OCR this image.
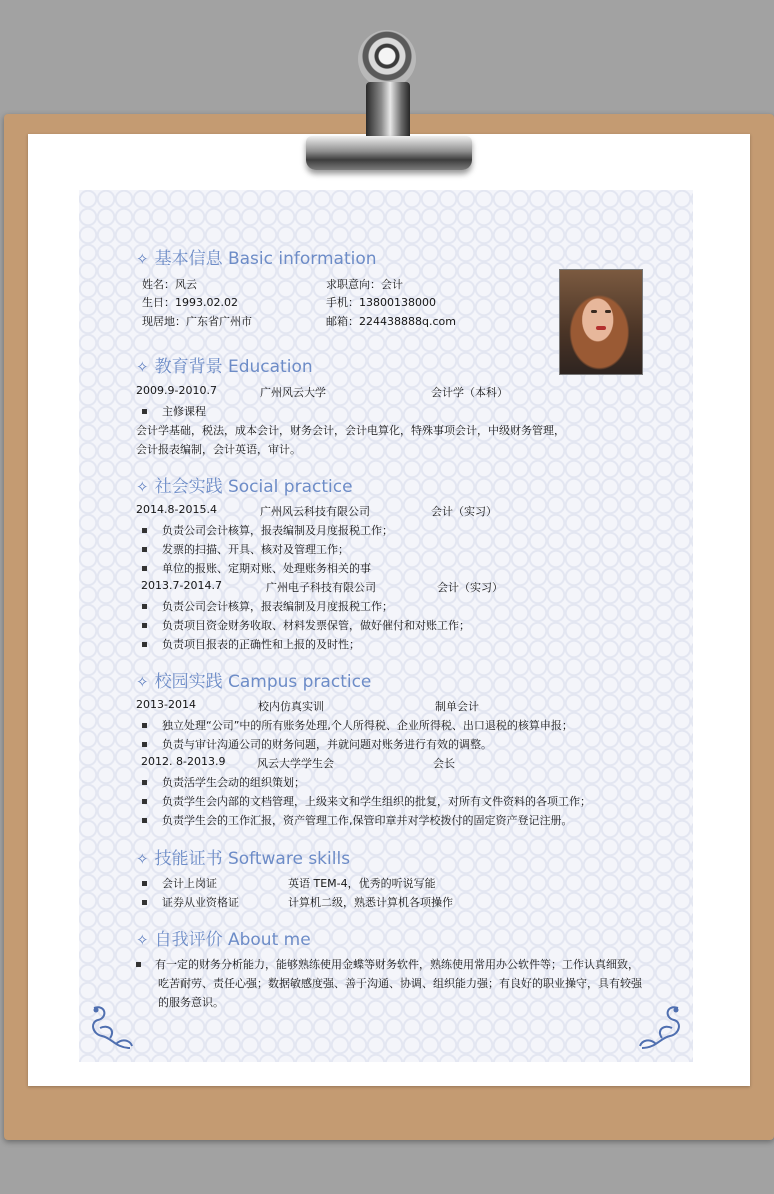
✧ 基本信息 Basic information
姓名：风云	求职意向：会计
生日：1993.02.02	手机：13800138000
现居地：广东省广州市	邮箱：224438888q.com
✧ 教育背景 Education
2009.9-2010.7	广州风云大学	会计学（本科）
主修课程
会计学基础，税法，成本会计，财务会计，会计电算化，特殊事项会计，中级财务管理，
会计报表编制，会计英语，审计。
✧ 社会实践 Social practice
2014.8-2015.4	广州风云科技有限公司	会计（实习）
负责公司会计核算，报表编制及月度报税工作；
发票的扫描、开具、核对及管理工作；
单位的报账、定期对账、处理账务相关的事
2013.7-2014.7	广州电子科技有限公司	会计（实习）
负责公司会计核算，报表编制及月度报税工作；
负责项目资金财务收取、材料发票保管，做好催付和对账工作；
负责项目报表的正确性和上报的及时性；
✧ 校园实践 Campus practice
2013-2014	校内仿真实训	制单会计
独立处理“公司”中的所有账务处理,个人所得税、企业所得税、出口退税的核算申报；
负责与审计沟通公司的财务问题，并就问题对账务进行有效的调整。
2012. 8-2013.9	风云大学学生会	会长
负责活学生会动的组织策划；
负责学生会内部的文档管理，上级来文和学生组织的批复，对所有文件资料的各项工作；
负责学生会的工作汇报，资产管理工作,保管印章并对学校拨付的固定资产登记注册。
✧ 技能证书 Software skills
会计上岗证	英语 TEM-4，优秀的听说写能
证券从业资格证	计算机二级，熟悉计算机各项操作
✧ 自我评价 About me
有一定的财务分析能力，能够熟练使用金蝶等财务软件，熟练使用常用办公软件等；工作认真细致，
吃苦耐劳、责任心强；数据敏感度强、善于沟通、协调、组织能力强；有良好的职业操守，具有较强
的服务意识。
